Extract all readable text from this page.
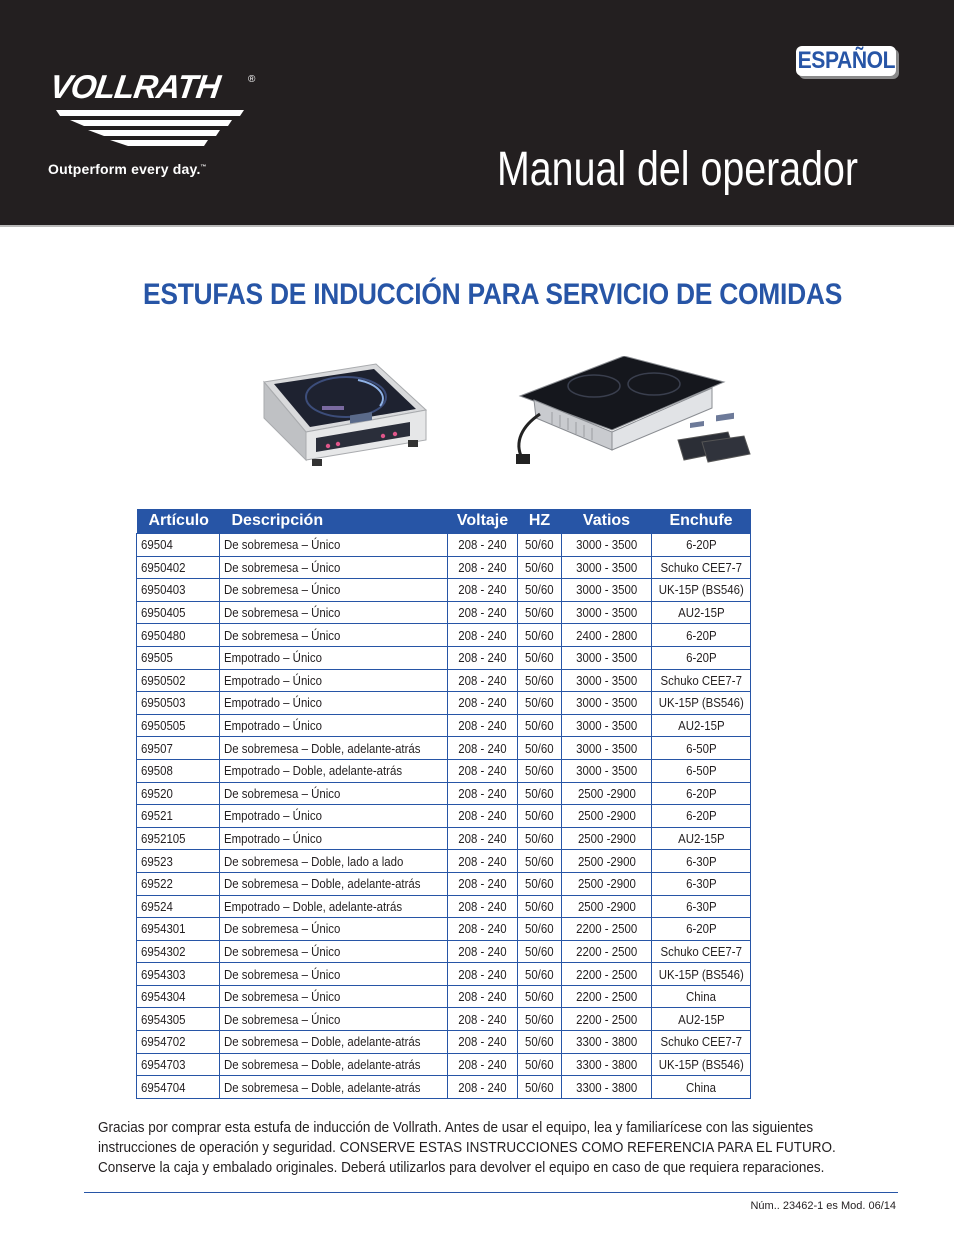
VOLLRATH	®
Outperform every day.™
ESPAÑOL
Manual del operador
ESTUFAS DE INDUCCIÓN PARA SERVICIO DE COMIDAS
Artículo	Descripción	Voltaje	HZ	Vatios	Enchufe
69504	De sobremesa – Único	208 - 240	50/60	3000 - 3500	6-20P
6950402	De sobremesa – Único	208 - 240	50/60	3000 - 3500	Schuko CEE7-7
6950403	De sobremesa – Único	208 - 240	50/60	3000 - 3500	UK-15P (BS546)
6950405	De sobremesa – Único	208 - 240	50/60	3000 - 3500	AU2-15P
6950480	De sobremesa – Único	208 - 240	50/60	2400 - 2800	6-20P
69505	Empotrado – Único	208 - 240	50/60	3000 - 3500	6-20P
6950502	Empotrado – Único	208 - 240	50/60	3000 - 3500	Schuko CEE7-7
6950503	Empotrado – Único	208 - 240	50/60	3000 - 3500	UK-15P (BS546)
6950505	Empotrado – Único	208 - 240	50/60	3000 - 3500	AU2-15P
69507	De sobremesa – Doble, adelante-atrás	208 - 240	50/60	3000 - 3500	6-50P
69508	Empotrado – Doble, adelante-atrás	208 - 240	50/60	3000 - 3500	6-50P
69520	De sobremesa – Único	208 - 240	50/60	2500 -2900	6-20P
69521	Empotrado – Único	208 - 240	50/60	2500 -2900	6-20P
6952105	Empotrado – Único	208 - 240	50/60	2500 -2900	AU2-15P
69523	De sobremesa – Doble, lado a lado	208 - 240	50/60	2500 -2900	6-30P
69522	De sobremesa – Doble, adelante-atrás	208 - 240	50/60	2500 -2900	6-30P
69524	Empotrado – Doble, adelante-atrás	208 - 240	50/60	2500 -2900	6-30P
6954301	De sobremesa – Único	208 - 240	50/60	2200 - 2500	6-20P
6954302	De sobremesa – Único	208 - 240	50/60	2200 - 2500	Schuko CEE7-7
6954303	De sobremesa – Único	208 - 240	50/60	2200 - 2500	UK-15P (BS546)
6954304	De sobremesa – Único	208 - 240	50/60	2200 - 2500	China
6954305	De sobremesa – Único	208 - 240	50/60	2200 - 2500	AU2-15P
6954702	De sobremesa – Doble, adelante-atrás	208 - 240	50/60	3300 - 3800	Schuko CEE7-7
6954703	De sobremesa – Doble, adelante-atrás	208 - 240	50/60	3300 - 3800	UK-15P (BS546)
6954704	De sobremesa – Doble, adelante-atrás	208 - 240	50/60	3300 - 3800	China

Gracias por comprar esta estufa de inducción de Vollrath. Antes de usar el equipo, lea y familiarícese con las siguientes instrucciones de operación y seguridad. CONSERVE ESTAS INSTRUCCIONES COMO REFERENCIA PARA EL FUTURO. Conserve la caja y embalado originales. Deberá utilizarlos para devolver el equipo en caso de que requiera reparaciones.

Núm.. 23462-1 es Mod. 06/14
